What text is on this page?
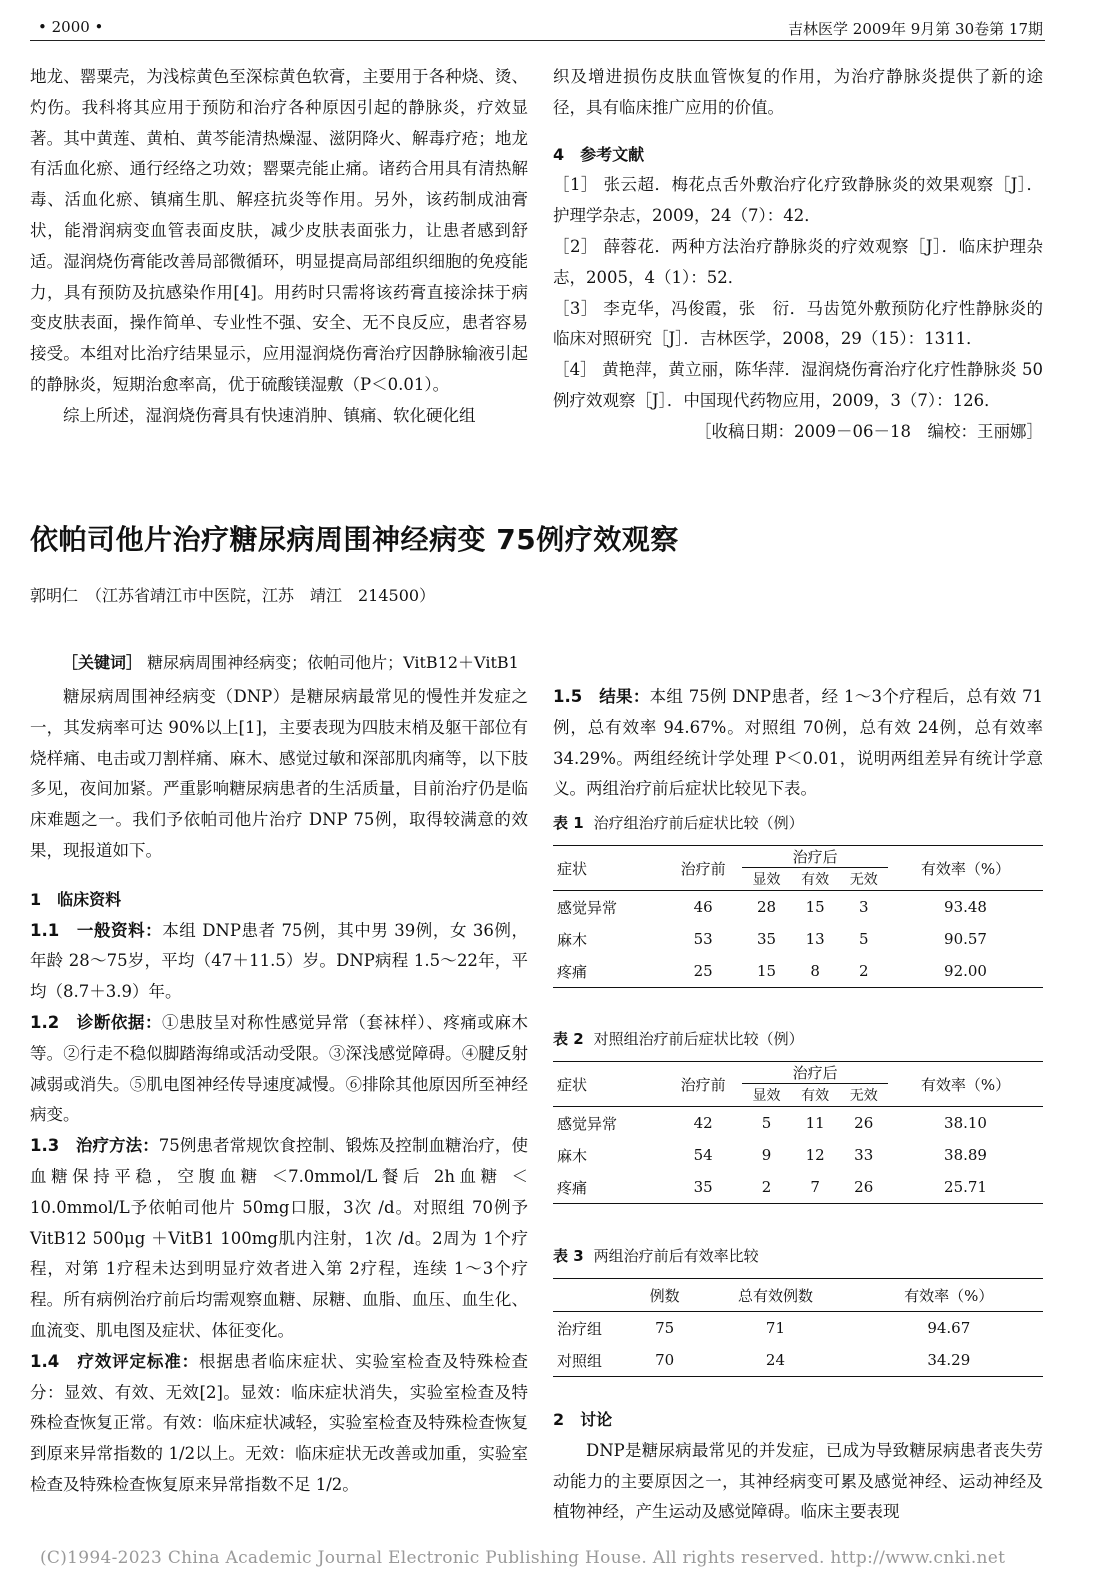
• 2000 •	吉林医学 2009年 9月第 30卷第 17期

地龙、罂粟壳，为浅棕黄色至深棕黄色软膏，主要用于各种烧、烫、灼伤。我科将其应用于预防和治疗各种原因引起的静脉炎，疗效显著。其中黄莲、黄柏、黄芩能清热燥湿、滋阴降火、解毒疗疮；地龙有活血化瘀、通行经络之功效；罂粟壳能止痛。诸药合用具有清热解毒、活血化瘀、镇痛生肌、解痉抗炎等作用。另外，该药制成油膏状，能滑润病变血管表面皮肤，减少皮肤表面张力，让患者感到舒适。湿润烧伤膏能改善局部微循环，明显提高局部组织细胞的免疫能力，具有预防及抗感染作用[4]。用药时只需将该药膏直接涂抹于病变皮肤表面，操作简单、专业性不强、安全、无不良反应，患者容易接受。本组对比治疗结果显示，应用湿润烧伤膏治疗因静脉输液引起的静脉炎，短期治愈率高，优于硫酸镁湿敷（P＜0.01）。

综上所述，湿润烧伤膏具有快速消肿、镇痛、软化硬化组

织及增进损伤皮肤血管恢复的作用，为治疗静脉炎提供了新的途径，具有临床推广应用的价值。

4　参考文献

［1］ 张云超．梅花点舌外敷治疗化疗致静脉炎的效果观察［J］．护理学杂志，2009，24（7）：42．

［2］ 薛蓉花．两种方法治疗静脉炎的疗效观察［J］．临床护理杂志，2005，4（1）：52．

［3］ 李克华，冯俊霞，张　衍．马齿笕外敷预防化疗性静脉炎的临床对照研究［J］．吉林医学，2008，29（15）：1311．

［4］ 黄艳萍，黄立丽，陈华萍．湿润烧伤膏治疗化疗性静脉炎 50例疗效观察［J］．中国现代药物应用，2009，3（7）：126．

［收稿日期：2009－06－18　编校：王丽娜］

依帕司他片治疗糖尿病周围神经病变 75例疗效观察
郭明仁　（江苏省靖江市中医院，江苏　靖江　214500）
［关键词］ 糖尿病周围神经病变；依帕司他片；VitB12＋VitB1

糖尿病周围神经病变（DNP）是糖尿病最常见的慢性并发症之一，其发病率可达 90%以上[1]，主要表现为四肢末梢及躯干部位有烧样痛、电击或刀割样痛、麻木、感觉过敏和深部肌肉痛等，以下肢多见，夜间加紧。严重影响糖尿病患者的生活质量，目前治疗仍是临床难题之一。我们予依帕司他片治疗 DNP 75例，取得较满意的效果，现报道如下。

1　临床资料

1.1　一般资料：本组 DNP患者 75例，其中男 39例，女 36例，年龄 28～75岁，平均（47＋11.5）岁。DNP病程 1.5～22年，平均（8.7＋3.9）年。

1.2　诊断依据：①患肢呈对称性感觉异常（套袜样）、疼痛或麻木等。②行走不稳似脚踏海绵或活动受限。③深浅感觉障碍。④腱反射减弱或消失。⑤肌电图神经传导速度减慢。⑥排除其他原因所至神经病变。

1.3　治疗方法：75例患者常规饮食控制、锻炼及控制血糖治疗，使血糖保持平稳，空腹血糖 ＜7.0mmol/L餐后 2h血糖 ＜10.0mmol/L予依帕司他片 50mg口服，3次 /d。对照组 70例予 VitB12 500μg ＋VitB1 100mg肌内注射，1次 /d。2周为 1个疗程，对第 1疗程未达到明显疗效者进入第 2疗程，连续 1～3个疗程。所有病例治疗前后均需观察血糖、尿糖、血脂、血压、血生化、血流变、肌电图及症状、体征变化。

1.4　疗效评定标准：根据患者临床症状、实验室检查及特殊检查分：显效、有效、无效[2]。显效：临床症状消失，实验室检查及特殊检查恢复正常。有效：临床症状减轻，实验室检查及特殊检查恢复到原来异常指数的 1/2以上。无效：临床症状无改善或加重，实验室检查及特殊检查恢复原来异常指数不足 1/2。

1.5　结果：本组 75例 DNP患者，经 1～3个疗程后，总有效 71例，总有效率 94.67%。对照组 70例，总有效 24例，总有效率 34.29%。两组经统计学处理 P＜0.01，说明两组差异有统计学意义。两组治疗前后症状比较见下表。

表 1 治疗组治疗前后症状比较（例）
症状	治疗前	治疗后			有效率（%）
		显效	有效	无效	
感觉异常	46	28	15	3	93.48
麻木	53	35	13	5	90.57
疼痛	25	15	8	2	92.00
表 2 对照组治疗前后症状比较（例）
症状	治疗前	治疗后			有效率（%）
		显效	有效	无效	
感觉异常	42	5	11	26	38.10
麻木	54	9	12	33	38.89
疼痛	35	2	7	26	25.71
表 3 两组治疗前后有效率比较
	例数	总有效例数	有效率（%）
治疗组	75	71	94.67
对照组	70	24	34.29

2　讨论

DNP是糖尿病最常见的并发症，已成为导致糖尿病患者丧失劳动能力的主要原因之一，其神经病变可累及感觉神经、运动神经及植物神经，产生运动及感觉障碍。临床主要表现

(C)1994-2023 China Academic Journal Electronic Publishing House. All rights reserved. http://www.cnki.net
